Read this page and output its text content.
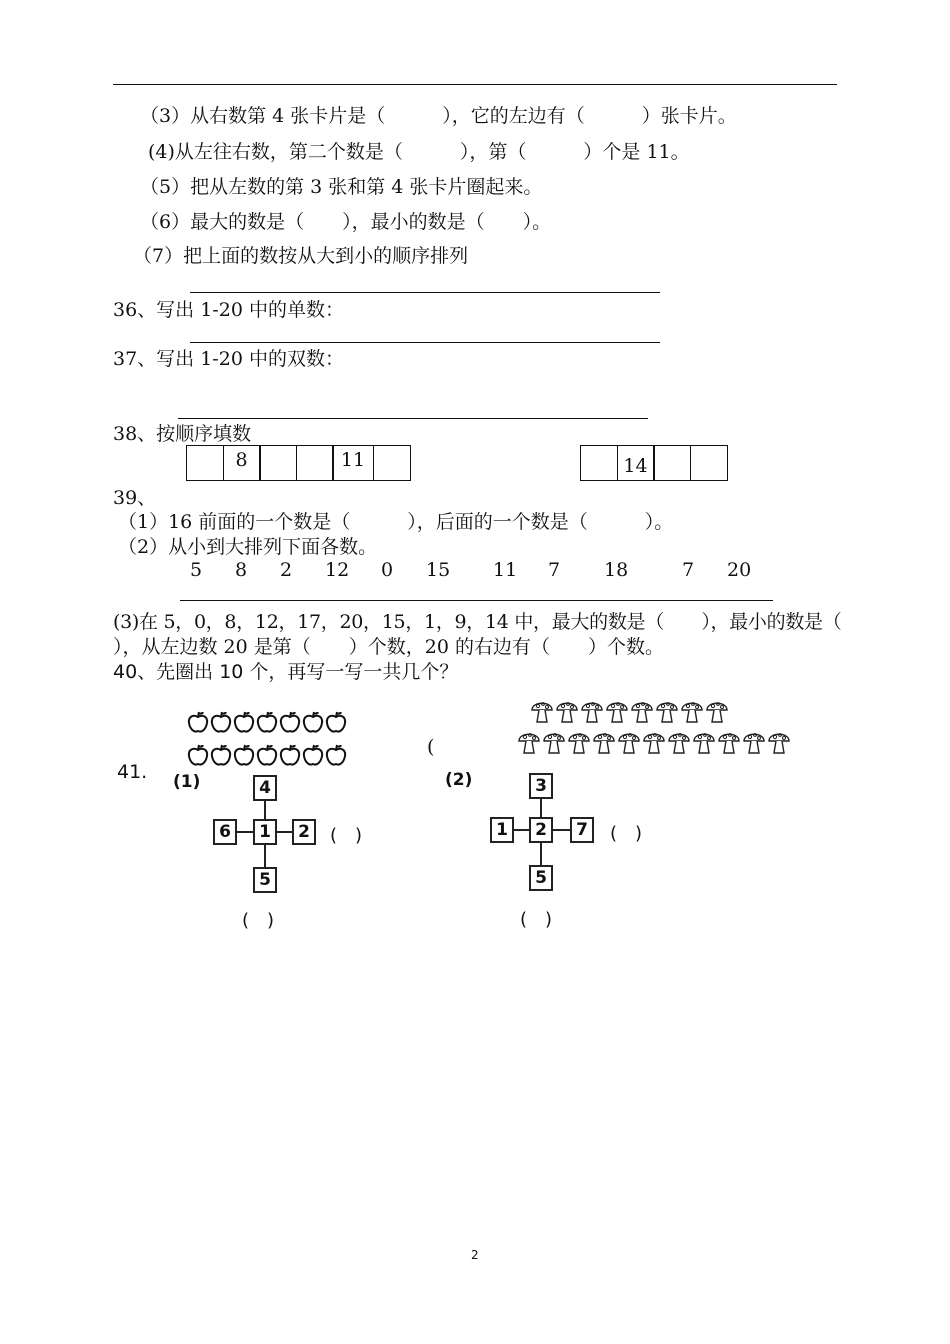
（3）从右数第 4 张卡片是（　　　），它的左边有（　　　）张卡片。
(4)从左往右数，第二个数是（　　　），第（　　　）个是 11。
（5）把从左数的第 3 张和第 4 张卡片圈起来。
（6）最大的数是（　　），最小的数是（　　）。
（7）把上面的数按从大到小的顺序排列
36、写出 1-20 中的单数：
37、写出 1-20 中的双数：
38、按顺序填数
8	11	14
39、
（1）16 前面的一个数是（　　　），后面的一个数是（　　　）。
（2）从小到大排列下面各数。
5 8 2 12 0 15 11 7 18	7 20
(3)在 5，0，8，12，17，20，15，1，9，14 中，最大的数是（　　），最小的数是（
），从左边数 20 是第（　　）个数，20 的右边有（　　）个数。
40、先圈出 10 个，再写一写一共几个？
(
41. (1)	4
6	1	2
5
(　)
(　)
(2)	3
1	2	7
5
(　)
(　)
2
